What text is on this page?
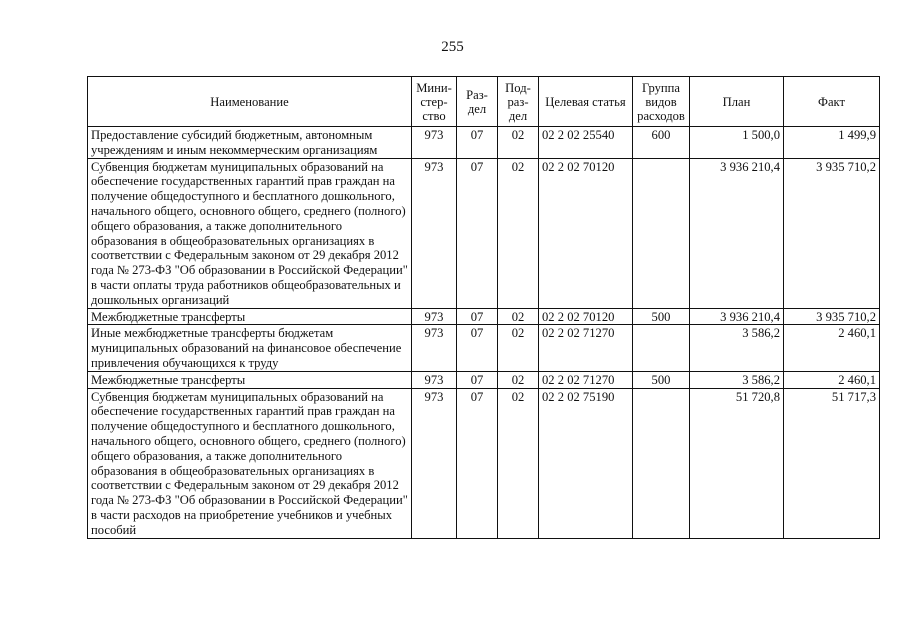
255
Наименование	Мини-стер-ство	Раз-дел	Под-раз-дел	Целевая статья	Группа видов расходов	План	Факт
Предоставление субсидий бюджетным, автономным учреждениям и иным некоммерческим организациям	973	07	02	02 2 02 25540	600	1 500,0	1 499,9
Субвенция бюджетам муниципальных образований на обеспечение государственных гарантий прав граждан на получение общедоступного и бесплатного дошкольного, начального общего, основного общего, среднего (полного) общего образования, а также дополнительного образования в общеобразовательных организациях в соответствии с Федеральным законом от 29 декабря 2012 года № 273-ФЗ "Об образовании в Российской Федерации" в части оплаты труда работников общеобразовательных и дошкольных организаций	973	07	02	02 2 02 70120		3 936 210,4	3 935 710,2
Межбюджетные трансферты	973	07	02	02 2 02 70120	500	3 936 210,4	3 935 710,2
Иные межбюджетные трансферты бюджетам муниципальных образований на финансовое обеспечение привлечения обучающихся к труду	973	07	02	02 2 02 71270		3 586,2	2 460,1
Межбюджетные трансферты	973	07	02	02 2 02 71270	500	3 586,2	2 460,1
Субвенция бюджетам муниципальных образований на обеспечение государственных гарантий прав граждан на получение общедоступного и бесплатного дошкольного, начального общего, основного общего, среднего (полного) общего образования, а также дополнительного образования в общеобразовательных организациях в соответствии с Федеральным законом от 29 декабря 2012 года № 273-ФЗ "Об образовании в Российской Федерации" в части расходов на приобретение учебников и учебных пособий	973	07	02	02 2 02 75190		51 720,8	51 717,3
